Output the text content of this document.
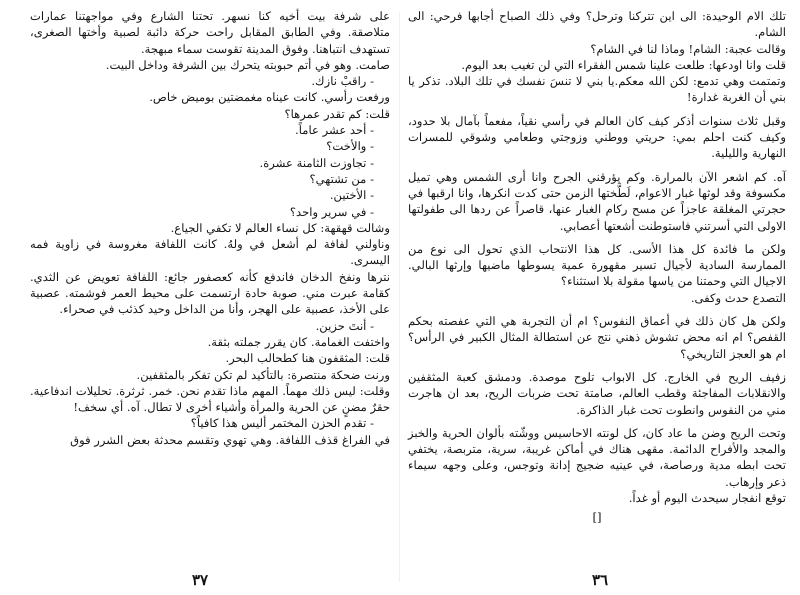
على شرفة بيت أخيه كنا نسهر. تحتنا الشارع وفي مواجهتنا عمارات متلاصقة. وفي الطابق المقابل راحت حركة دائبة لصبية وأختها الصغرى، تستهدف انتباهنا. وفوق المدينة تقوست سماء مبهجة.

صامت. وهو في أتم حبوبته يتحرك بين الشرفة وداخل البيت.

- راقبْ نازك.

ورفعت رأسي. كانت عيناه مغمضتين بوميض خاص.

قلت: كم تقدر عمرها؟

- أحد عشر عاماً.

- والأخت؟

- تجاوزت الثامنة عشرة.

- من تشتهي؟

- الأختين.

- في سرير واحد؟

وشالت قهقهة: كل نساء العالم لا تكفي الجياع.

وناولني لفافة لم أشعل في ولهُ. كانت اللفافة مغروسة في زاوية فمه اليسرى.

نترها ونفخ الدخان فاندفع كأنه كعصفور جائع: اللفافة تعويض عن الثدي. كقامة عبرت مني. صوبة حادة ارتسمت على محيط العمر فوشمته. عصبية على الأخذ، عصبية على الهجر، وأنا من الداخل وحيد كذئب في صحراء.

- أنتَ حزين.

واختفت الغمامة. كان يقرر جملته بثقة.

قلت: المثقفون هنا كطحالب البحر.

ورنت ضحكة منتصرة: بالتأكيد لم تكن تفكر بالمثقفين.

وقلت: ليس ذلك مهماً. المهم ماذا تقدم نحن. خمر. ثرثرة. تحليلات اندفاعية. حقرٌ مضنٍ عن الحرية والمرأة وأشياء أخرى لا تطال. آه. أي سخف!

- تقدم الحزن المختمر أليس هذا كافياً؟

في الفراغ قذف اللفافة. وهي تهوي وتقسم محدثة بعض الشرر فوق

٣٧

تلك الام الوحيدة: الى اين تتركنا وترحل؟ وفي ذلك الصباح أجابها فرحي: الى الشام.

وقالت عجبة: الشام! وماذا لنا في الشام؟

قلت وانا اودعها: طلعت علينا شمس الفقراء التي لن تغيب بعد اليوم.

وتمتمت وهي تدمع: لكن الله معكم.يا بني لا تنسَ نفسك في تلك البلاد. تذكر يا بني أن الغربة غدارة!

وقبل ثلاث سنوات أذكر كيف كان العالم في رأسي نقياً، مفعماً بآمال بلا حدود، وكيف كنت احلم بمي: حريتي ووطني وزوجتي وطعامي وشوقي للمسرات النهارية والليلية.

آه. كم اشعر الآن بالمرارة. وكم يؤرقني الجرح وانا أرى الشمس وهي تميل مكسوفة وقد لوثها غبار الاعوام، لَطَّختها الزمن حتى كدت انكرها، وانا ارقبها في حجرتي المغلقة عاجزاً عن مسح ركام الغبار عنها، قاصراً عن ردها الى طفولتها الاولى التي أسرتني فاستوطنت أشعتها أعصابي.

ولكن ما فائدة كل هذا الأسى. كل هذا الانتحاب الذي تحول الى نوع من الممارسة السادية لأجيال تسير مقهورة عمية يسوطها ماضيها وإرثها البالي. الاجيال التي وحمتنا من ياسها مقولة بلا استثناء؟

التصدع حدث وكفى.

ولكن هل كان ذلك في أعماق النفوس؟ ام أن التجربة هي التي عفصته بحكم القفص؟ ام انه محض تشوش ذهني نتج عن استطالة المثال الكبير في الرأس؟ ام هو العجز التاريخي؟

زفيف الريح في الخارج. كل الابواب تلوح موصدة. ودمشق كعبة المثقفين والانقلابات المفاجئة وقطب العالم، صامتة تحت ضربات الريح، بعد ان هاجرت مني من النفوس وانطوت تحت غبار الذاكرة.

وتحت الريح وضن ما عاد كان، كل لونته الاحاسيس ووشّته بألوان الحرية والخبز والمجد والأفراح الدائمة. مقهى هناك في أماكن غريبة، سرية، متربصة، يختفي تحت ابطه مدية ورصاصة، في عينيه ضجيج إدانة وتوجس، وعلى وجهه سيماء ذعر وإرهاب.

توقع انفجار سيحدث اليوم أو غداً.

[]
٣٦
